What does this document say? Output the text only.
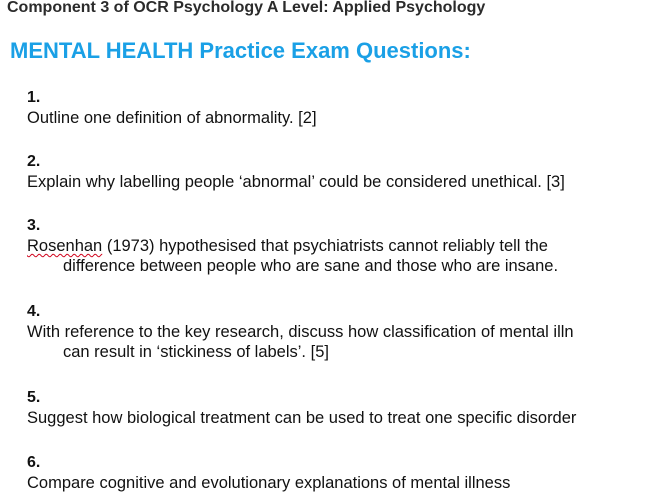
Component 3 of OCR Psychology A Level: Applied Psychology
MENTAL HEALTH Practice Exam Questions:
1.
Outline one definition of abnormality. [2]
2.
Explain why labelling people ‘abnormal’ could be considered unethical. [3]
3.
Rosenhan (1973) hypothesised that psychiatrists cannot reliably tell the
difference between people who are sane and those who are insane.
4.
With reference to the key research, discuss how classification of mental illn
can result in ‘stickiness of labels’. [5]
5.
Suggest how biological treatment can be used to treat one specific disorder
6.
Compare cognitive and evolutionary explanations of mental illness
